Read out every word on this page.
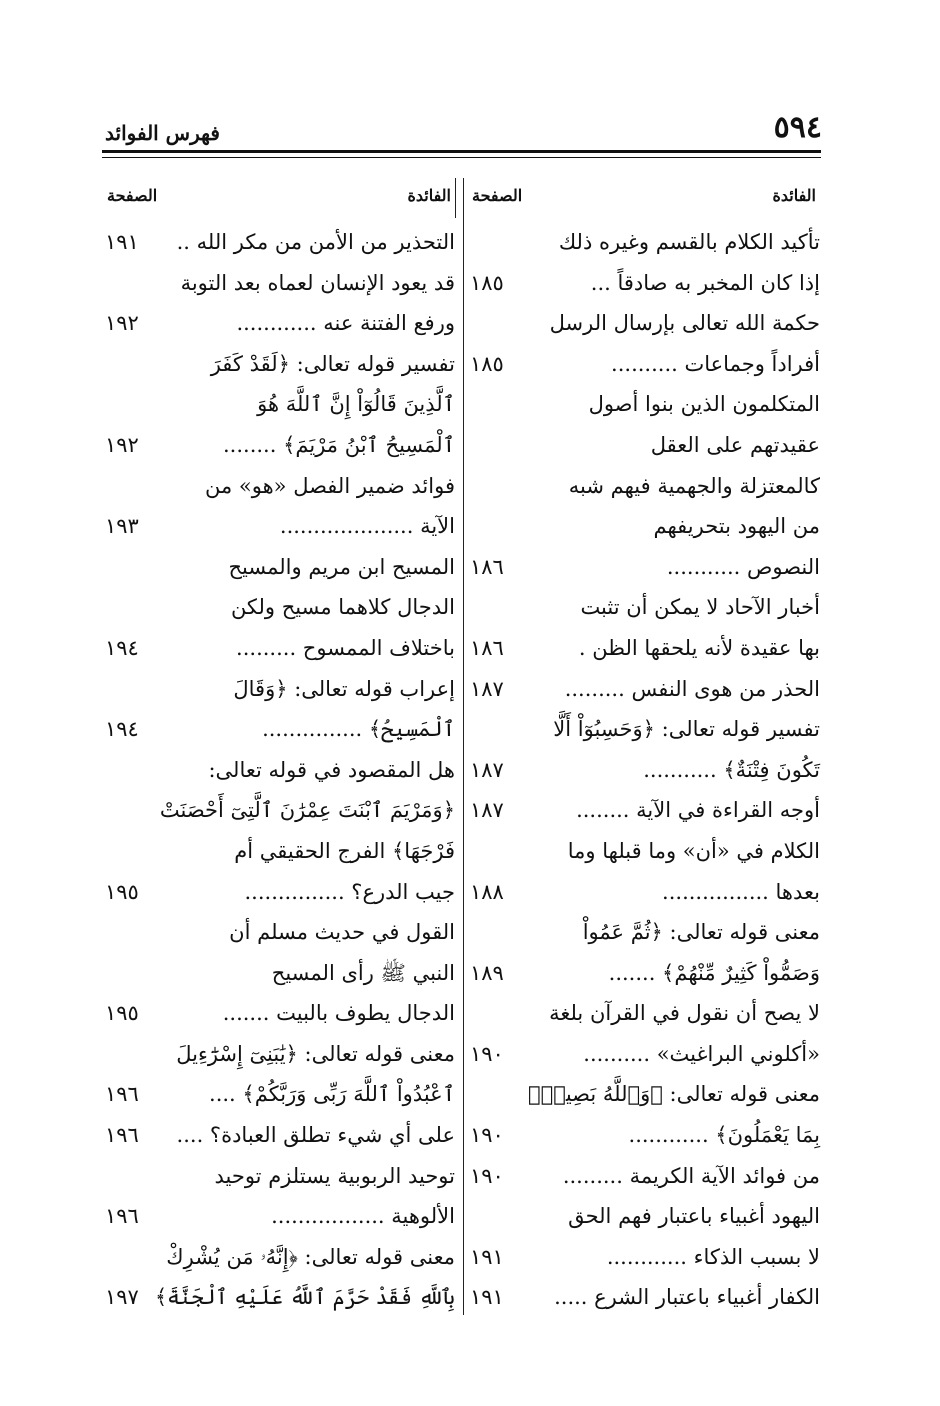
٥٩٤
فهرس الفوائد
الفائدة
الصفحة
تأكيد الكلام بالقسم وغيره ذلك
إذا كان المخبر به صادقاً ...
١٨٥
حكمة الله تعالى بإرسال الرسل
أفراداً وجماعات ..........
١٨٥
المتكلمون الذين بنوا أصول
عقيدتهم على العقل
كالمعتزلة والجهمية فيهم شبه
من اليهود بتحريفهم
النصوص ...........
١٨٦
أخبار الآحاد لا يمكن أن تثبت
بها عقيدة لأنه يلحقها الظن .
١٨٦
الحذر من هوى النفس .........
١٨٧
تفسير قوله تعالى: ﴿وَحَسِبُوٓاْ أَلَّا
تَكُونَ فِتْنَةٌ﴾ ...........
١٨٧
أوجه القراءة في الآية ........
١٨٧
الكلام في «أن» وما قبلها وما
بعدها ................
١٨٨
معنى قوله تعالى: ﴿ثُمَّ عَمُواْ
وَصَمُّواْ كَثِيرٌ مِّنْهُمْ﴾ .......
١٨٩
لا يصح أن نقول في القرآن بلغة
«أكلوني البراغيث» ..........
١٩٠
معنى قوله تعالى: ﴿وَٱللَّهُ بَصِيرٌۢ
بِمَا يَعْمَلُونَ﴾ ............
١٩٠
من فوائد الآية الكريمة .........
١٩٠
اليهود أغبياء باعتبار فهم الحق
لا بسبب الذكاء ............
١٩١
الكفار أغبياء باعتبار الشرع .....
١٩١
الفائدة
الصفحة
التحذير من الأمن من مكر الله ..
١٩١
قد يعود الإنسان لعماه بعد التوبة
ورفع الفتنة عنه ............
١٩٢
تفسير قوله تعالى: ﴿لَقَدْ كَفَرَ
ٱلَّذِينَ قَالُوٓاْ إِنَّ ٱللَّهَ هُوَ
ٱلْمَسِيحُ ٱبْنُ مَرْيَمَ﴾ ........
١٩٢
فوائد ضمير الفصل «هو» من
الآية ....................
١٩٣
المسيح ابن مريم والمسيح
الدجال كلاهما مسيح ولكن
باختلاف الممسوح .........
١٩٤
إعراب قوله تعالى: ﴿وَقَالَ
ٱلْمَسِيحُ﴾ ...............
١٩٤
هل المقصود في قوله تعالى:
﴿وَمَرْيَمَ ٱبْنَتَ عِمْرَٰنَ ٱلَّتِىٓ أَحْصَنَتْ
فَرْجَهَا﴾ الفرج الحقيقي أم
جيب الدرع؟ ...............
١٩٥
القول في حديث مسلم أن
النبي ﷺ رأى المسيح
الدجال يطوف بالبيت .......
١٩٥
معنى قوله تعالى: ﴿يَٰبَنِىٓ إِسْرَٰٓءِيلَ
ٱعْبُدُواْ ٱللَّهَ رَبِّى وَرَبَّكُمْ﴾ ....
١٩٦
على أي شيء تطلق العبادة؟ ....
١٩٦
توحيد الربوبية يستلزم توحيد
الألوهية .................
١٩٦
معنى قوله تعالى: ﴿إِنَّهُۥ مَن يُشْرِكْ
بِٱللَّهِ فَقَدْ حَرَّمَ ٱللَّهُ عَلَيْهِ ٱلْجَنَّةَ﴾
١٩٧
